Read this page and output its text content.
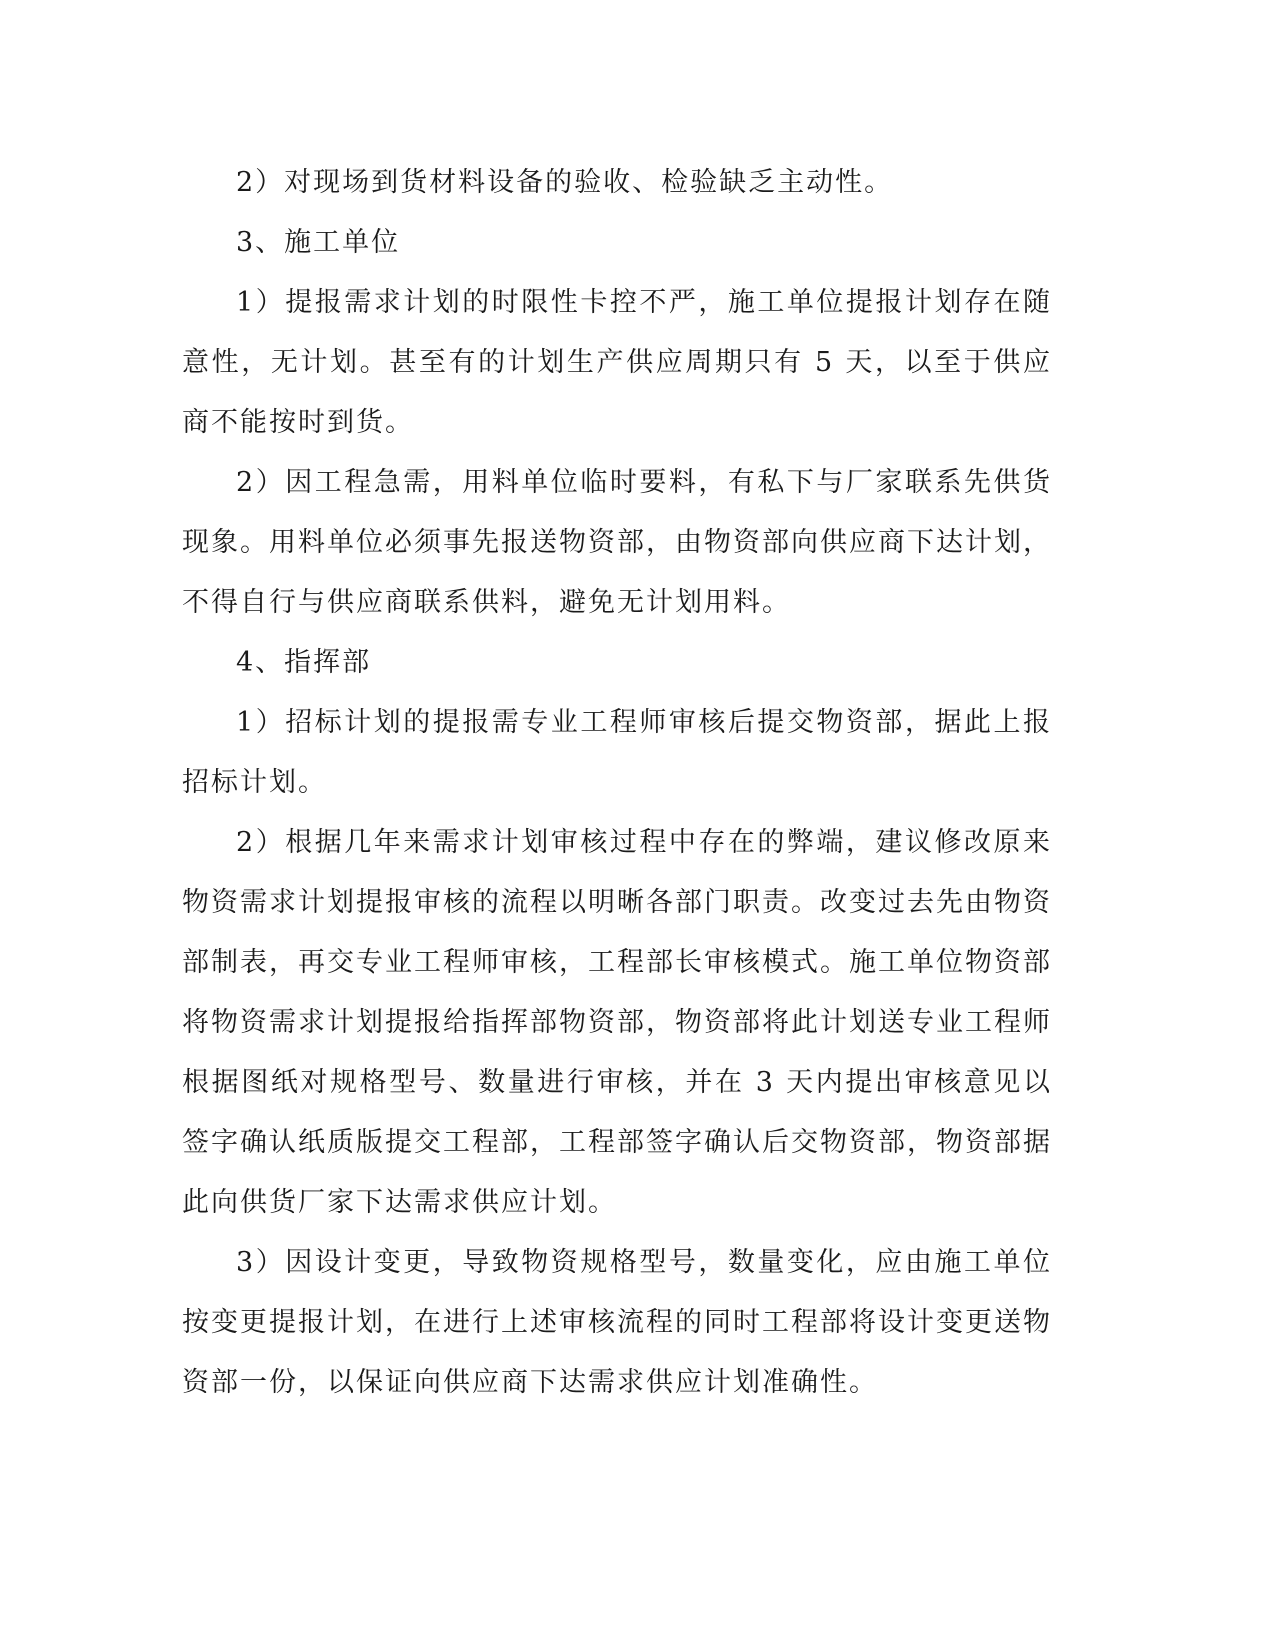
2）对现场到货材料设备的验收、检验缺乏主动性。

3、施工单位

1）提报需求计划的时限性卡控不严，施工单位提报计划存在随意性，无计划。甚至有的计划生产供应周期只有 5 天，以至于供应商不能按时到货。

2）因工程急需，用料单位临时要料，有私下与厂家联系先供货现象。用料单位必须事先报送物资部，由物资部向供应商下达计划，不得自行与供应商联系供料，避免无计划用料。

4、指挥部

1）招标计划的提报需专业工程师审核后提交物资部，据此上报招标计划。

2）根据几年来需求计划审核过程中存在的弊端，建议修改原来物资需求计划提报审核的流程以明晰各部门职责。改变过去先由物资部制表，再交专业工程师审核，工程部长审核模式。施工单位物资部将物资需求计划提报给指挥部物资部，物资部将此计划送专业工程师根据图纸对规格型号、数量进行审核，并在 3 天内提出审核意见以签字确认纸质版提交工程部，工程部签字确认后交物资部，物资部据此向供货厂家下达需求供应计划。

3）因设计变更，导致物资规格型号，数量变化，应由施工单位按变更提报计划，在进行上述审核流程的同时工程部将设计变更送物资部一份，以保证向供应商下达需求供应计划准确性。
